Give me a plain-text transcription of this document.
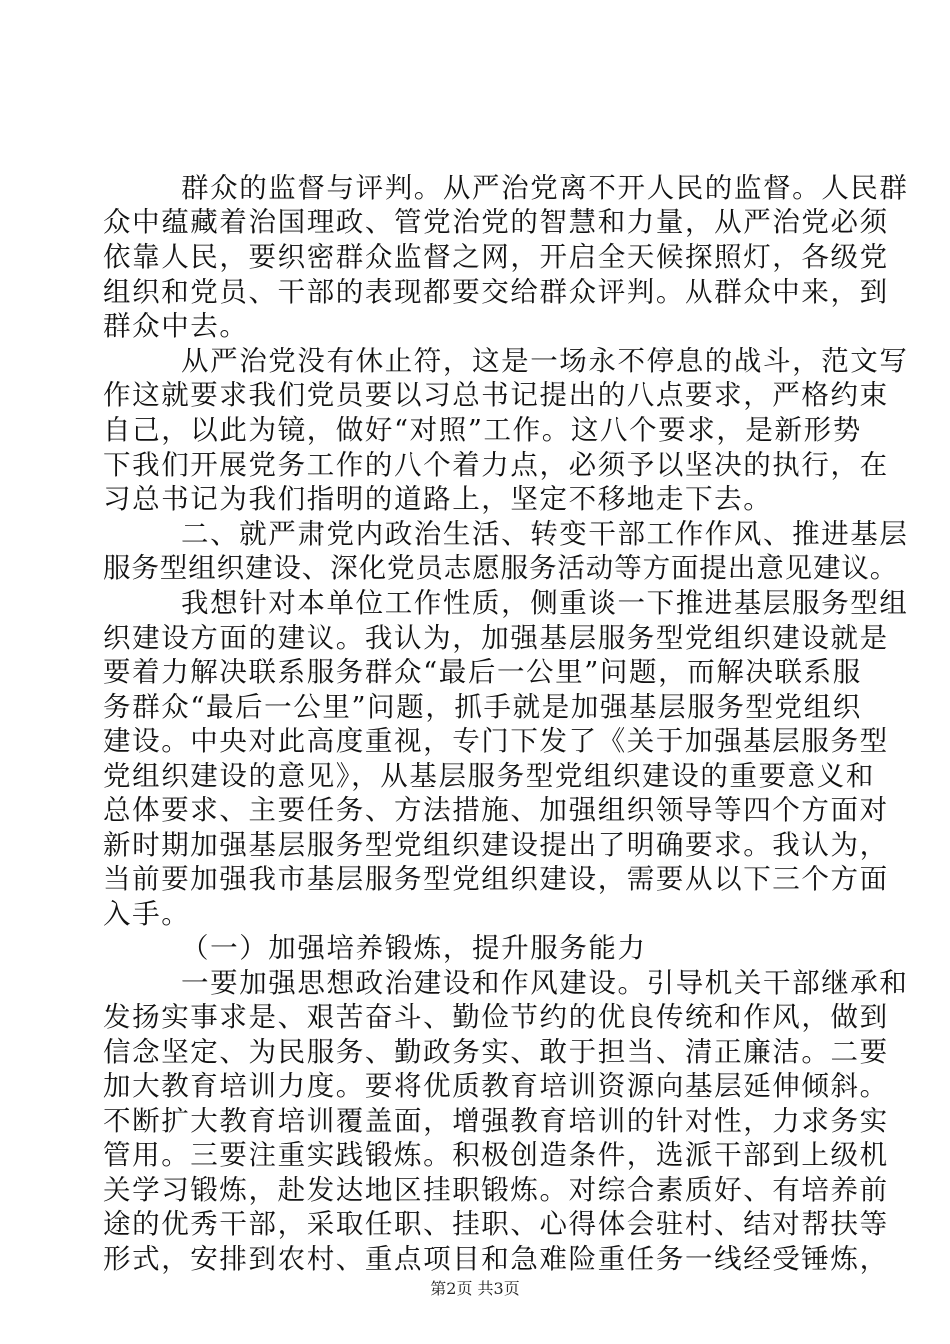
群众的监督与评判。从严治党离不开人民的监督。人民群
众中蕴藏着治国理政、管党治党的智慧和力量，从严治党必须
依靠人民，要织密群众监督之网，开启全天候探照灯，各级党
组织和党员、干部的表现都要交给群众评判。从群众中来，到
群众中去。
从严治党没有休止符，这是一场永不停息的战斗，范文写
作这就要求我们党员要以习总书记提出的八点要求，严格约束
自己，以此为镜，做好“对照”工作。这八个要求，是新形势
下我们开展党务工作的八个着力点，必须予以坚决的执行，在
习总书记为我们指明的道路上，坚定不移地走下去。
二、就严肃党内政治生活、转变干部工作作风、推进基层
服务型组织建设、深化党员志愿服务活动等方面提出意见建议。
我想针对本单位工作性质，侧重谈一下推进基层服务型组
织建设方面的建议。我认为，加强基层服务型党组织建设就是
要着力解决联系服务群众“最后一公里”问题，而解决联系服
务群众“最后一公里”问题，抓手就是加强基层服务型党组织
建设。中央对此高度重视，专门下发了《关于加强基层服务型
党组织建设的意见》，从基层服务型党组织建设的重要意义和
总体要求、主要任务、方法措施、加强组织领导等四个方面对
新时期加强基层服务型党组织建设提出了明确要求。我认为，
当前要加强我市基层服务型党组织建设，需要从以下三个方面
入手。
（一）加强培养锻炼，提升服务能力
一要加强思想政治建设和作风建设。引导机关干部继承和
发扬实事求是、艰苦奋斗、勤俭节约的优良传统和作风，做到
信念坚定、为民服务、勤政务实、敢于担当、清正廉洁。二要
加大教育培训力度。要将优质教育培训资源向基层延伸倾斜。
不断扩大教育培训覆盖面，增强教育培训的针对性，力求务实
管用。三要注重实践锻炼。积极创造条件，选派干部到上级机
关学习锻炼，赴发达地区挂职锻炼。对综合素质好、有培养前
途的优秀干部，采取任职、挂职、心得体会驻村、结对帮扶等
形式，安排到农村、重点项目和急难险重任务一线经受锤炼，
第2页 共3页
